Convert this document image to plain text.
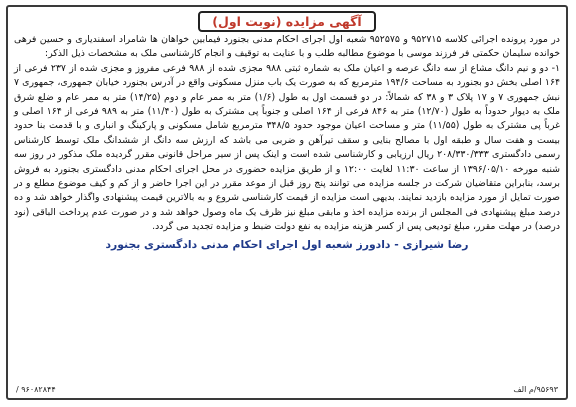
آگهی مزایده (نوبت اول)

در مورد پرونده اجرائی کلاسه ۹۵۲۷۱۵ و ۹۵۲۵۷۵ شعبه اول اجرای احکام مدنی بجنورد فیمابین خواهان ها شامراد اسفندیاری و حسین فرهی خوانده سلیمان حکمتی فر فرزند موسی با موضوع مطالبه طلب و با عنایت به توقیف و انجام کارشناسی ملک به مشخصات ذیل الذکر:

۱- دو و نیم دانگ مشاع از سه دانگ عرصه و اعیان ملک به شماره ثبتی ۹۸۸ مجزی شده از ۹۸۸ فرعی مفروز و مجزی شده از ۲۳۷ فرعی از ۱۶۴ اصلی بخش دو بجنورد به مساحت ۱۹۴/۶ مترمربع که به صورت یک باب منزل مسکونی واقع در آدرس بجنورد خیابان جمهوری، جمهوری ۷ نبش جمهوری ۷ و ۱۷ پلاک ۳ و ۳۸ که شمالاً: در دو قسمت اول به طول (۱/۶) متر به ممر عام و دوم (۱۴/۲۵) متر به ممر عام و ضلع شرق ملک به دیوار حدوداً به طول (۱۲/۷۰) متر به ۸۴۶ فرعی از ۱۶۴ اصلی و جنوباً پی مشترک به طول (۱۱/۴۰) متر به ۹۸۹ فرعی از ۱۶۴ اصلی و غرباً پی مشترک به طول (۱۱/۵۵) متر و مساحت اعیان موجود حدود ۳۴۸/۵ مترمربع شامل مسکونی و پارکینگ و انباری و با قدمت بنا حدود بیست و هفت سال و طبقه اول با مصالح بنایی و سقف تیرآهن و ضربی می باشد که ارزش سه دانگ از ششدانگ ملک توسط کارشناس رسمی دادگستری ۲۰۸/۳۳۰/۳۳۳ ریال ارزیابی و کارشناسی شده است و اینک پس از سیر مراحل قانونی مقرر گردیده ملک مذکور در روز سه شنبه مورخه ۱۳۹۶/۰۵/۱۰ از ساعت ۱۱:۳۰ لغایت ۱۲:۰۰ و از طریق مزایده حضوری در محل اجرای احکام مدنی دادگستری بجنورد به فروش برسد، بنابراین متقاضیان شرکت در جلسه مزایده می توانند پنج روز قبل از موعد مقرر در این اجرا حاضر و از کم و کیف موضوع مطلع و در صورت تمایل از مورد مزایده بازدید نمایند. بدیهی است مزایده از قیمت کارشناسی شروع و به بالاترین قیمت پیشنهادی واگذار خواهد شد و ده درصد مبلغ پیشنهادی فی المجلس از برنده مزایده اخذ و مابقی مبلغ نیز ظرف یک ماه وصول خواهد شد و در صورت عدم پرداخت الباقی (نود درصد) در مهلت مقرر، مبلغ تودیعی پس از کسر هزینه مزایده به نفع دولت ضبط و مزایده تجدید می گردد.

رضا شیرازی - دادورز شعبه اول اجرای احکام مدنی دادگستری بجنورد
۹۵۶۹۳/م الف
/ ۹۶۰۸۲۸۴۴
